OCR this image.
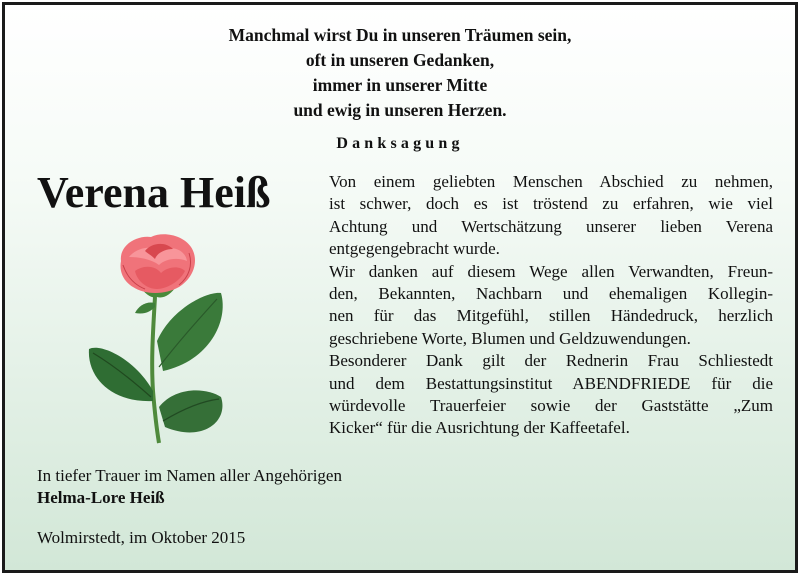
Manchmal wirst Du in unseren Träumen sein,
oft in unseren Gedanken,
immer in unserer Mitte
und ewig in unseren Herzen.
Danksagung
Verena Heiß	Von einem geliebten Menschen Abschied zu nehmen,
ist schwer, doch es ist tröstend zu erfahren, wie viel
Achtung und Wertschätzung unserer lieben Verena
entgegengebracht wurde.

Wir danken auf diesem Wege allen Verwandten, Freun-
den, Bekannten, Nachbarn und ehemaligen Kollegin-
nen für das Mitgefühl, stillen Händedruck, herzlich
geschriebene Worte, Blumen und Geldzuwendungen.

Besonderer Dank gilt der Rednerin Frau Schliestedt
und dem Bestattungsinstitut ABENDFRIEDE für die
würdevolle Trauerfeier sowie der Gaststätte „Zum
Kicker“ für die Ausrichtung der Kaffeetafel.

In tiefer Trauer im Namen aller Angehörigen
Helma-Lore Heiß
Wolmirstedt, im Oktober 2015
